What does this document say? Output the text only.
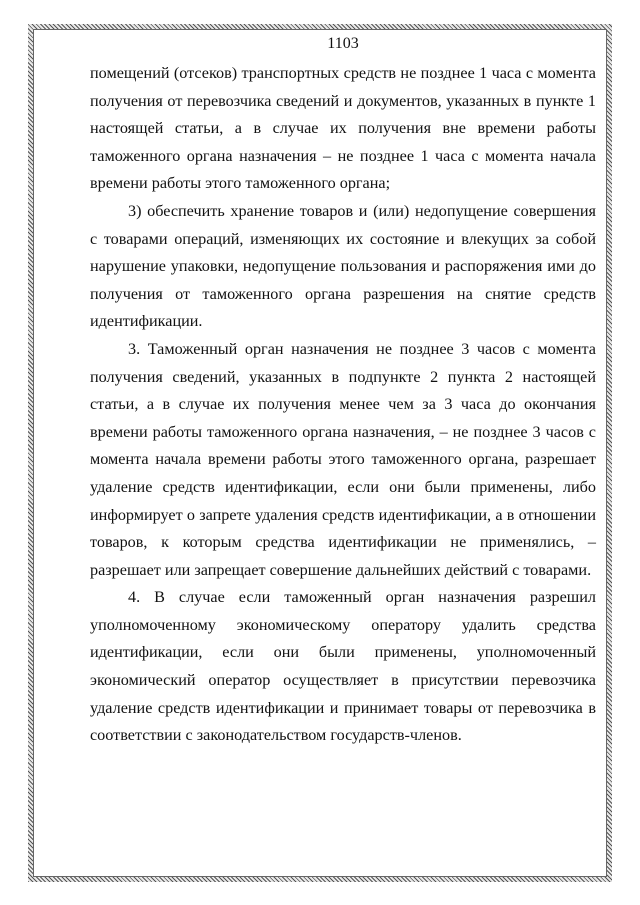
1103

помещений (отсеков) транспортных средств не позднее 1 часа с момента получения от перевозчика сведений и документов, указанных в пункте 1 настоящей статьи, а в случае их получения вне времени работы таможенного органа назначения – не позднее 1 часа с момента начала времени работы этого таможенного органа;

3) обеспечить хранение товаров и (или) недопущение совершения с товарами операций, изменяющих их состояние и влекущих за собой нарушение упаковки, недопущение пользования и распоряжения ими до получения от таможенного органа разрешения на снятие средств идентификации.

3. Таможенный орган назначения не позднее 3 часов с момента получения сведений, указанных в подпункте 2 пункта 2 настоящей статьи, а в случае их получения менее чем за 3 часа до окончания времени работы таможенного органа назначения, – не позднее 3 часов с момента начала времени работы этого таможенного органа, разрешает удаление средств идентификации, если они были применены, либо информирует о запрете удаления средств идентификации, а в отношении товаров, к которым средства идентификации не применялись, – разрешает или запрещает совершение дальнейших действий с товарами.

4. В случае если таможенный орган назначения разрешил уполномоченному экономическому оператору удалить средства идентификации, если они были применены, уполномоченный экономический оператор осуществляет в присутствии перевозчика удаление средств идентификации и принимает товары от перевозчика в соответствии с законодательством государств-членов.
